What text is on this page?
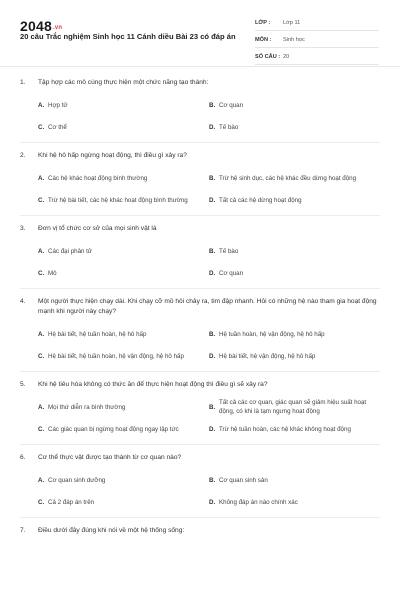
2048.vn
20 câu Trắc nghiệm Sinh học 11 Cánh diều Bài 23 có đáp án
LỚP :	Lớp 11
MÔN :	Sinh học
SỐ CÂU : 20
1.	Tập hợp các mô cùng thực hiện một chức năng tạo thành:
A. Hợp tử	B. Cơ quan
C. Cơ thể	D. Tế bào
2.	Khi hệ hô hấp ngừng hoạt động, thì điều gì xảy ra?
A. Các hệ khác hoạt động bình thường	B. Trừ hệ sinh dục, các hệ khác đều dừng hoạt động
C. Trừ hệ bài tiết, các hệ khác hoạt động bình thường	D. Tất cả các hệ dừng hoạt động
3.	Đơn vị tổ chức cơ sở của mọi sinh vật là
A. Các đại phân tử	B. Tế bào
C. Mô	D. Cơ quan
4.	Một người thực hiện chạy dài. Khi chạy cỡ mồ hôi chảy ra, tim đập nhanh. Hỏi có những hệ nào tham gia hoạt động mạnh khi người này chạy?
A. Hệ bài tiết, hệ tuần hoàn, hệ hô hấp	B. Hệ tuần hoàn, hệ vận động, hệ hô hấp
C. Hệ bài tiết, hệ tuần hoàn, hệ vận động, hệ hô hấp	D. Hệ bài tiết, hệ vận động, hệ hô hấp
5.	Khi hệ tiêu hóa không có thức ăn để thực hiện hoạt động thì điều gì sẽ xảy ra?
A. Mọi thứ diễn ra bình thường	B.
Tất cả các cơ quan, giác quan sẽ giảm hiệu suất hoạt động, có khi là tạm ngưng hoạt động
C. Các giác quan bị ngừng hoạt động ngay lập tức	D. Trừ hệ tuần hoàn, các hệ khác không hoạt động
6.	Cơ thể thực vật được tạo thành từ cơ quan nào?
A. Cơ quan sinh dưỡng	B. Cơ quan sinh sản
C. Cả 2 đáp án trên	D. Không đáp án nào chính xác
7.	Điều dưới đây đúng khi nói về một hệ thống sống:
